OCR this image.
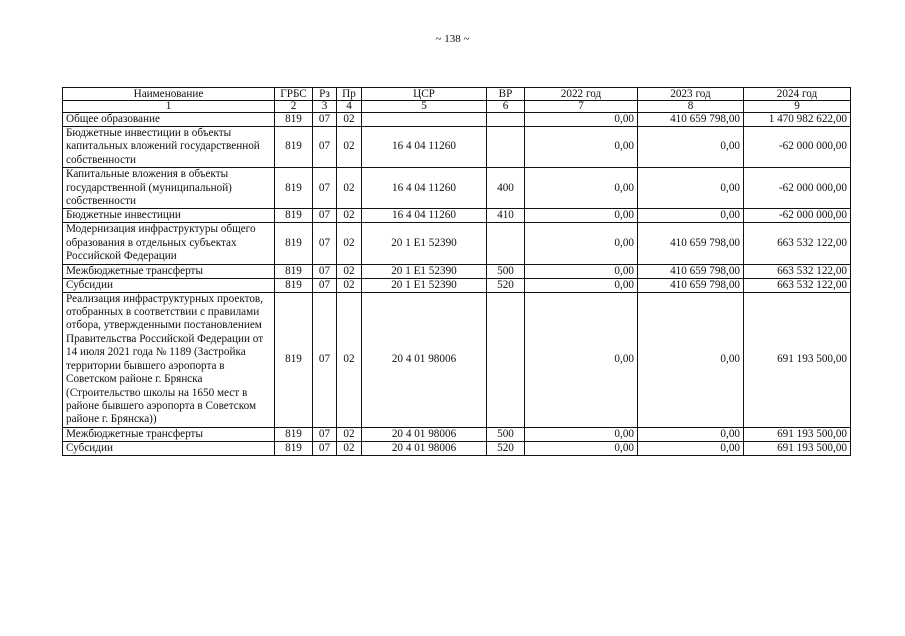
~ 138 ~
Наименование	ГРБС	Рз	Пр	ЦСР	ВР	2022 год	2023 год	2024 год
1	2	3	4	5	6	7	8	9
Общее образование	819	07	02			0,00	410 659 798,00	1 470 982 622,00
Бюджетные инвестиции в объекты капитальных вложений государственной собственности	819	07	02	16 4 04 11260		0,00	0,00	-62 000 000,00
Капитальные вложения в объекты государственной (муниципальной) собственности	819	07	02	16 4 04 11260	400	0,00	0,00	-62 000 000,00
Бюджетные инвестиции	819	07	02	16 4 04 11260	410	0,00	0,00	-62 000 000,00
Модернизация инфраструктуры общего образования в отдельных субъектах Российской Федерации	819	07	02	20 1 E1 52390		0,00	410 659 798,00	663 532 122,00
Межбюджетные трансферты	819	07	02	20 1 E1 52390	500	0,00	410 659 798,00	663 532 122,00
Субсидии	819	07	02	20 1 E1 52390	520	0,00	410 659 798,00	663 532 122,00
Реализация инфраструктурных проектов, отобранных в соответствии с правилами отбора, утвержденными постановлением Правительства Российской Федерации от 14 июля 2021 года № 1189 (Застройка территории бывшего аэропорта в Советском районе г. Брянска (Строительство школы на 1650 мест в районе бывшего аэропорта в Советском районе г. Брянска))	819	07	02	20 4 01 98006		0,00	0,00	691 193 500,00
Межбюджетные трансферты	819	07	02	20 4 01 98006	500	0,00	0,00	691 193 500,00
Субсидии	819	07	02	20 4 01 98006	520	0,00	0,00	691 193 500,00
